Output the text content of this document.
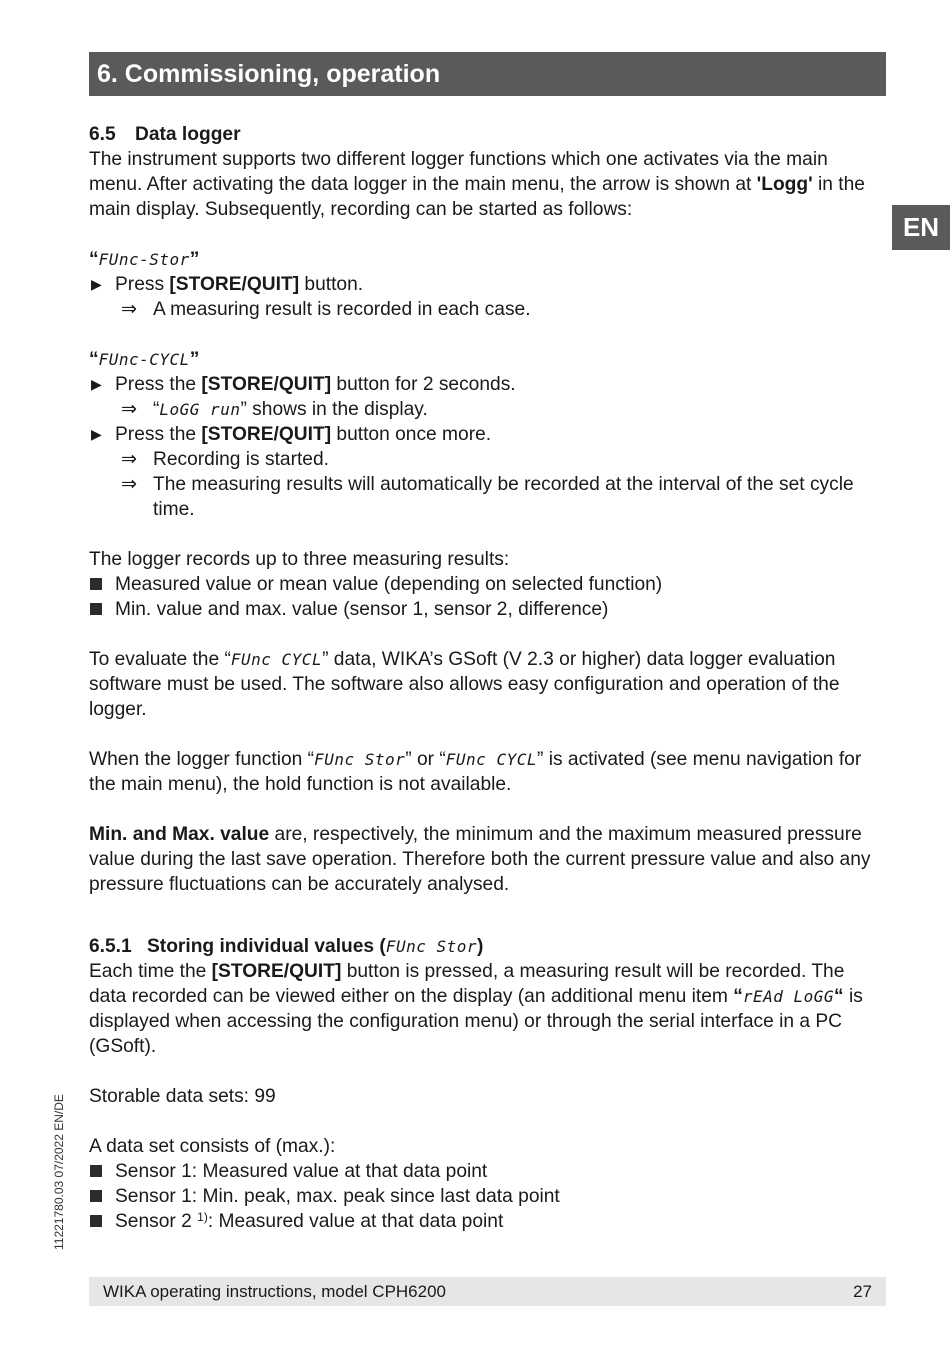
6. Commissioning, operation
EN
11221780.03 07/2022 EN/DE

6.5 Data logger

The instrument supports two different logger functions which one activates via the main menu. After activating the data logger in the main menu, the arrow is shown at 'Logg' in the main display. Subsequently, recording can be started as follows:

“FUnc-Stor”

▶ Press [STORE/QUIT] button.

⇒ A measuring result is recorded in each case.

“FUnc-CYCL”

▶ Press the [STORE/QUIT] button for 2 seconds.

⇒ “LoGG run” shows in the display.

▶ Press the [STORE/QUIT] button once more.

⇒ Recording is started.

⇒ The measuring results will automatically be recorded at the interval of the set cycle time.

The logger records up to three measuring results:

Measured value or mean value (depending on selected function)

Min. value and max. value (sensor 1, sensor 2, difference)

To evaluate the “FUnc CYCL” data, WIKA’s GSoft (V 2.3 or higher) data logger evaluation software must be used. The software also allows easy configuration and operation of the logger.

When the logger function “FUnc Stor” or “FUnc CYCL” is activated (see menu navigation for the main menu), the hold function is not available.

Min. and Max. value are, respectively, the minimum and the maximum measured pressure value during the last save operation. Therefore both the current pressure value and also any pressure fluctuations can be accurately analysed.

6.5.1 Storing individual values (FUnc Stor)

Each time the [STORE/QUIT] button is pressed, a measuring result will be recorded. The data recorded can be viewed either on the display (an additional menu item “rEAd LoGG“ is displayed when accessing the configuration menu) or through the serial interface in a PC (GSoft).

Storable data sets: 99

A data set consists of (max.):

Sensor 1: Measured value at that data point

Sensor 1: Min. peak, max. peak since last data point

Sensor 2 $^{1)}$: Measured value at that data point

WIKA operating instructions, model CPH6200	27
